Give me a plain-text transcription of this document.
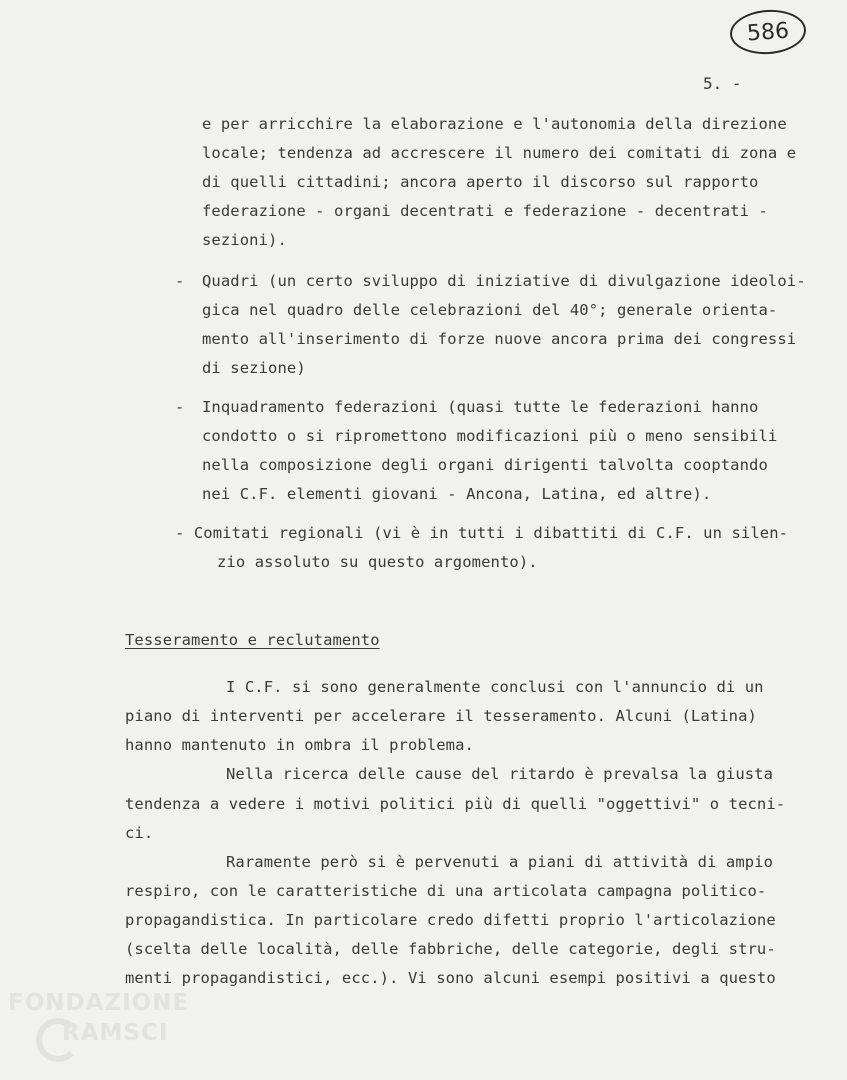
586
5. -
e per arricchire la elaborazione e l'autonomia della direzione
locale; tendenza ad accrescere il numero dei comitati di zona e
di quelli cittadini; ancora aperto il discorso sul rapporto
federazione - organi decentrati e federazione - decentrati -
sezioni).
- Quadri (un certo sviluppo di iniziative di divulgazione ideoloi-
gica nel quadro delle celebrazioni del 40°; generale orienta-
mento all'inserimento di forze nuove ancora prima dei congressi
di sezione)
- Inquadramento federazioni (quasi tutte le federazioni hanno
condotto o si ripromettono modificazioni più o meno sensibili
nella composizione degli organi dirigenti talvolta cooptando
nei C.F. elementi giovani - Ancona, Latina, ed altre).
- Comitati regionali (vi è in tutti i dibattiti di C.F. un silen-
zio assoluto su questo argomento).
Tesseramento e reclutamento
I C.F. si sono generalmente conclusi con l'annuncio di un
piano di interventi per accelerare il tesseramento. Alcuni (Latina)
hanno mantenuto in ombra il problema.
Nella ricerca delle cause del ritardo è prevalsa la giusta
tendenza a vedere i motivi politici più di quelli "oggettivi" o tecni-
ci.
Raramente però si è pervenuti a piani di attività di ampio
respiro, con le caratteristiche di una articolata campagna politico-
propagandistica. In particolare credo difetti proprio l'articolazione
(scelta delle località, delle fabbriche, delle categorie, degli stru-
menti propagandistici, ecc.). Vi sono alcuni esempi positivi a questo
FONDAZIONE
RAMSCI
